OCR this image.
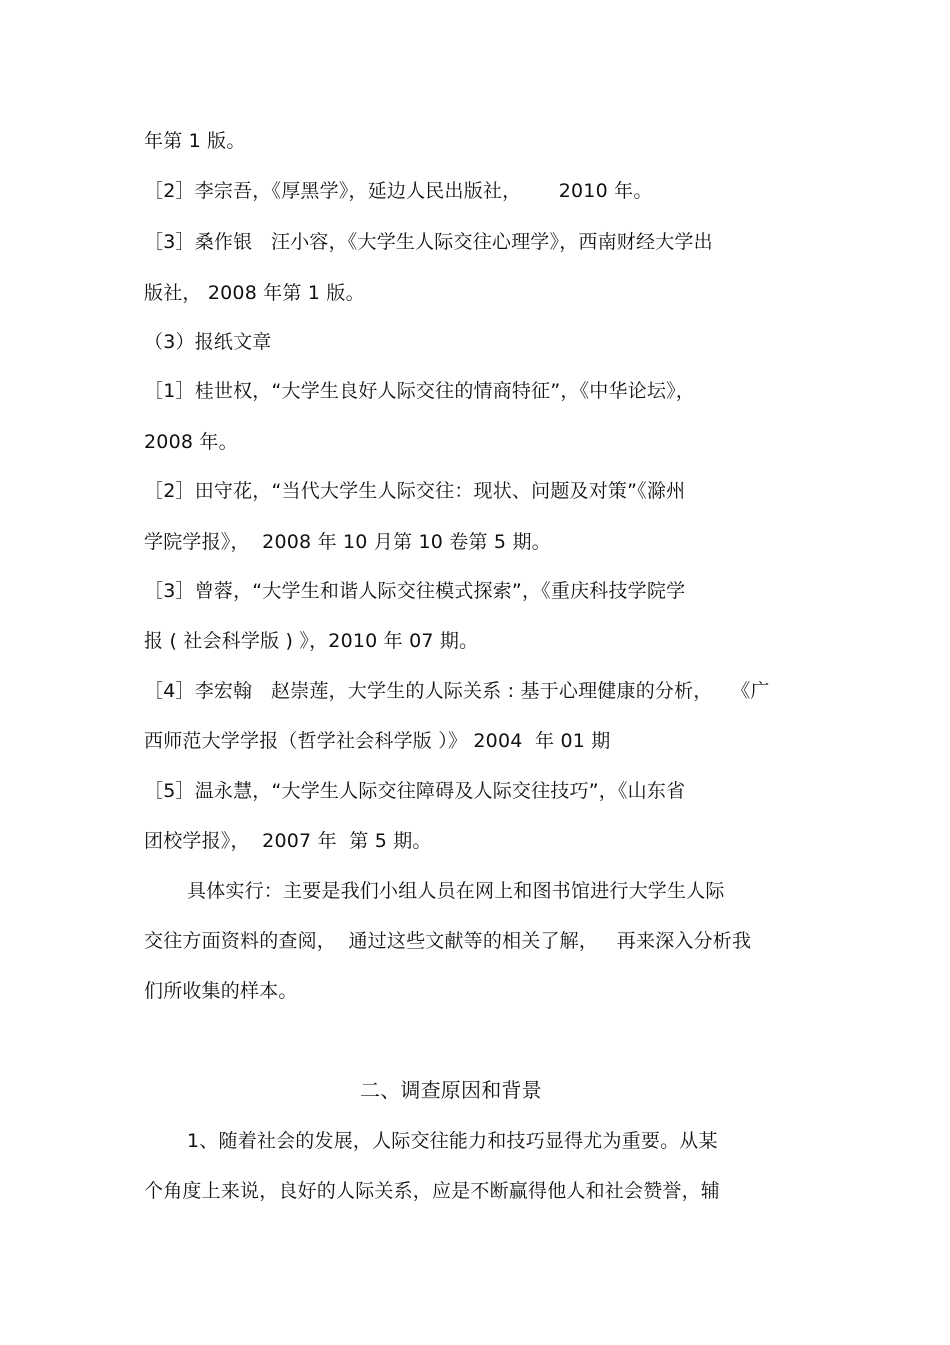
年第 1 版。
［2］李宗吾，《厚黑学》，延边人民出版社，      2010 年。
［3］桑作银   汪小容，《大学生人际交往心理学》，西南财经大学出
版社， 2008 年第 1 版。
（3）报纸文章
［1］桂世权，“大学生良好人际交往的情商特征”，《中华论坛》，
2008 年。
［2］田守花，“当代大学生人际交往：现状、问题及对策”《滁州
学院学报》，  2008 年 10 月第 10 卷第 5 期。
［3］曾蓉，“大学生和谐人际交往模式探索”，《重庆科技学院学
报 ( 社会科学版 ) 》，2010 年 07 期。
［4］李宏翰   赵崇莲，大学生的人际关系 : 基于心理健康的分析，   《广
西师范大学学报（哲学社会科学版 ）》 2004  年 01 期
［5］温永慧，“大学生人际交往障碍及人际交往技巧”，《山东省
团校学报》，  2007 年  第 5 期。
具体实行：主要是我们小组人员在网上和图书馆进行大学生人际
交往方面资料的查阅，  通过这些文献等的相关了解，   再来深入分析我
们所收集的样本。
二、调查原因和背景
1、随着社会的发展，人际交往能力和技巧显得尤为重要。从某
个角度上来说，良好的人际关系，应是不断赢得他人和社会赞誉，辅
